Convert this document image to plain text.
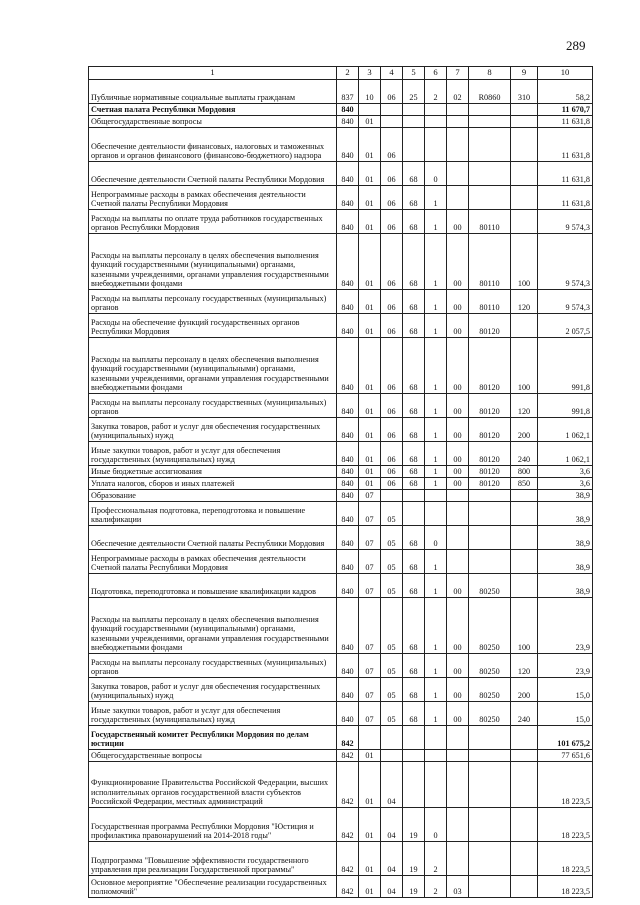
289
1	2	3	4	5	6	7	8	9	10
Публичные нормативные социальные выплаты гражданам	837	10	06	25	2	02	R0860	310	58,2
Счетная палата Республики Мордовия	840								11 670,7
Общегосударственные вопросы	840	01							11 631,8
Обеспечение деятельности финансовых, налоговых и таможенных органов и органов финансового (финансово-бюджетного) надзора	840	01	06						11 631,8
Обеспечение деятельности Счетной палаты Республики Мордовия	840	01	06	68	0				11 631,8
Непрограммные расходы в рамках обеспечения деятельности Счетной палаты Республики Мордовия	840	01	06	68	1				11 631,8
Расходы на выплаты по оплате труда работников государственных органов Республики Мордовия	840	01	06	68	1	00	80110		9 574,3
Расходы на выплаты персоналу в целях обеспечения выполнения функций государственными (муниципальными) органами, казенными учреждениями, органами управления государственными внебюджетными фондами	840	01	06	68	1	00	80110	100	9 574,3
Расходы на выплаты персоналу государственных (муниципальных) органов	840	01	06	68	1	00	80110	120	9 574,3
Расходы на обеспечение функций государственных органов Республики Мордовия	840	01	06	68	1	00	80120		2 057,5
Расходы на выплаты персоналу в целях обеспечения выполнения функций государственными (муниципальными) органами, казенными учреждениями, органами управления государственными внебюджетными фондами	840	01	06	68	1	00	80120	100	991,8
Расходы на выплаты персоналу государственных (муниципальных) органов	840	01	06	68	1	00	80120	120	991,8
Закупка товаров, работ и услуг для обеспечения государственных (муниципальных) нужд	840	01	06	68	1	00	80120	200	1 062,1
Иные закупки товаров, работ и услуг для обеспечения государственных (муниципальных) нужд	840	01	06	68	1	00	80120	240	1 062,1
Иные бюджетные ассигнования	840	01	06	68	1	00	80120	800	3,6
Уплата налогов, сборов и иных платежей	840	01	06	68	1	00	80120	850	3,6
Образование	840	07							38,9
Профессиональная подготовка, переподготовка и повышение квалификации	840	07	05						38,9
Обеспечение деятельности Счетной палаты Республики Мордовия	840	07	05	68	0				38,9
Непрограммные расходы в рамках обеспечения деятельности Счетной палаты Республики Мордовия	840	07	05	68	1				38,9
Подготовка, переподготовка и повышение квалификации кадров	840	07	05	68	1	00	80250		38,9
Расходы на выплаты персоналу в целях обеспечения выполнения функций государственными (муниципальными) органами, казенными учреждениями, органами управления государственными внебюджетными фондами	840	07	05	68	1	00	80250	100	23,9
Расходы на выплаты персоналу государственных (муниципальных) органов	840	07	05	68	1	00	80250	120	23,9
Закупка товаров, работ и услуг для обеспечения государственных (муниципальных) нужд	840	07	05	68	1	00	80250	200	15,0
Иные закупки товаров, работ и услуг для обеспечения государственных (муниципальных) нужд	840	07	05	68	1	00	80250	240	15,0
Государственный комитет Республики Мордовия по делам юстиции	842								101 675,2
Общегосударственные вопросы	842	01							77 651,6
Функционирование Правительства Российской Федерации, высших исполнительных органов государственной власти субъектов Российской Федерации, местных администраций	842	01	04						18 223,5
Государственная программа Республики Мордовия "Юстиция и профилактика правонарушений на 2014-2018 годы"	842	01	04	19	0				18 223,5
Подпрограмма "Повышение эффективности государственного управления при реализации Государственной программы"	842	01	04	19	2				18 223,5
Основное мероприятие "Обеспечение реализации государственных полномочий"	842	01	04	19	2	03			18 223,5
